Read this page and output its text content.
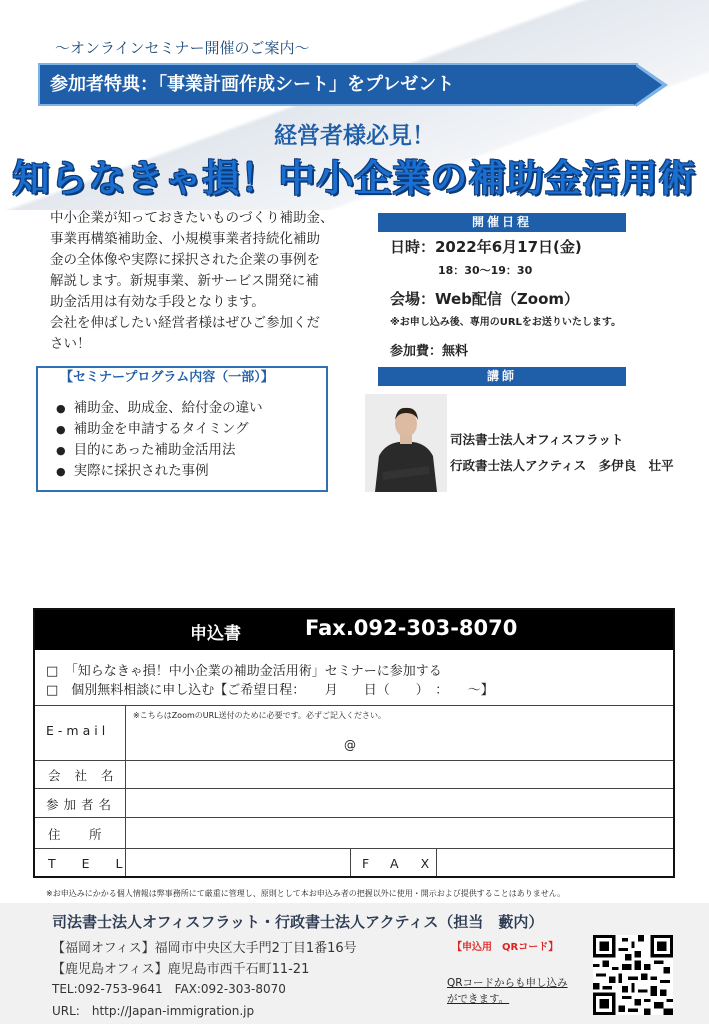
〜オンラインセミナー開催のご案内〜
参加者特典：「事業計画作成シート」をプレゼント
経営者様必見！
知らなきゃ損！中小企業の補助金活用術
中小企業が知っておきたいものづくり補助金、
事業再構築補助金、小規模事業者持続化補助
金の全体像や実際に採択された企業の事例を
解説します。新規事業、新サービス開発に補
助金活用は有効な手段となります。
会社を伸ばしたい経営者様はぜひご参加くだ
さい！
【セミナープログラム内容（一部）】
● 補助金、助成金、給付金の違い
● 補助金を申請するタイミング
● 目的にあった補助金活用法
● 実際に採択された事例
開催日程
日時：2022年6月17日(金)
18：30〜19：30
会場：Web配信（Zoom）
※お申し込み後、専用のURLをお送りいたします。
参加費：無料
講師
司法書士法人オフィスフラット
行政書士法人アクティス　多伊良　壮平
申込書	Fax.092-303-8070
□　「知らなきゃ損！中小企業の補助金活用術」セミナーに参加する
□　個別無料相談に申し込む【ご希望日程：　　月　　日（　　）　：　　〜】
E-mail
※こちらはZoomのURL送付のために必要です。必ずご記入ください。
@
会社名
参加者名
住　所
TEL	FAX
※お申込みにかかる個人情報は弊事務所にて厳重に管理し、原則として本お申込み者の把握以外に使用・開示および提供することはありません。
司法書士法人オフィスフラット・行政書士法人アクティス（担当　藪内）
【福岡オフィス】福岡市中央区大手門2丁目1番16号
【鹿児島オフィス】鹿児島市西千石町11-21
TEL:092-753-9641　FAX:092-303-8070
URL:　http://Japan-immigration.jp
【申込用　QRコード】
QRコードからも申し込み
ができます。
